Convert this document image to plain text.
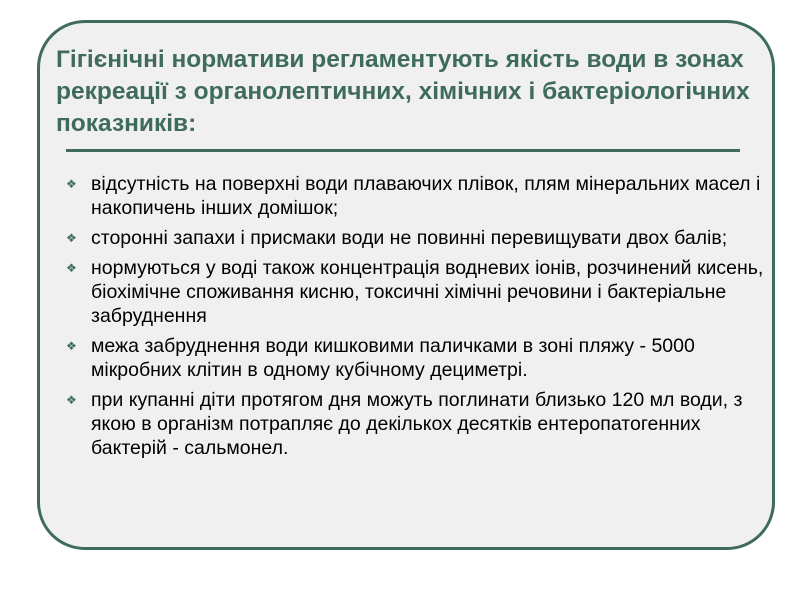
Гігієнічні нормативи регламентують якість води в зонах рекреації з органолептичних, хімічних і бактеріологічних показників:
❖ відсутність на поверхні води плаваючих плівок, плям мінеральних масел і накопичень інших домішок;
❖ сторонні запахи і присмаки води не повинні перевищувати двох балів;
❖ нормуються у воді також концентрація водневих іонів, розчинений кисень, біохімічне споживання кисню, токсичні хімічні речовини і бактеріальне забруднення
❖ межа забруднення води кишковими паличками в зоні пляжу - 5000 мікробних клітин в одному кубічному дециметрі.
❖ при купанні діти протягом дня можуть поглинати близько 120 мл води, з якою в організм потрапляє до декількох десятків ентеропатогенних бактерій - сальмонел.
